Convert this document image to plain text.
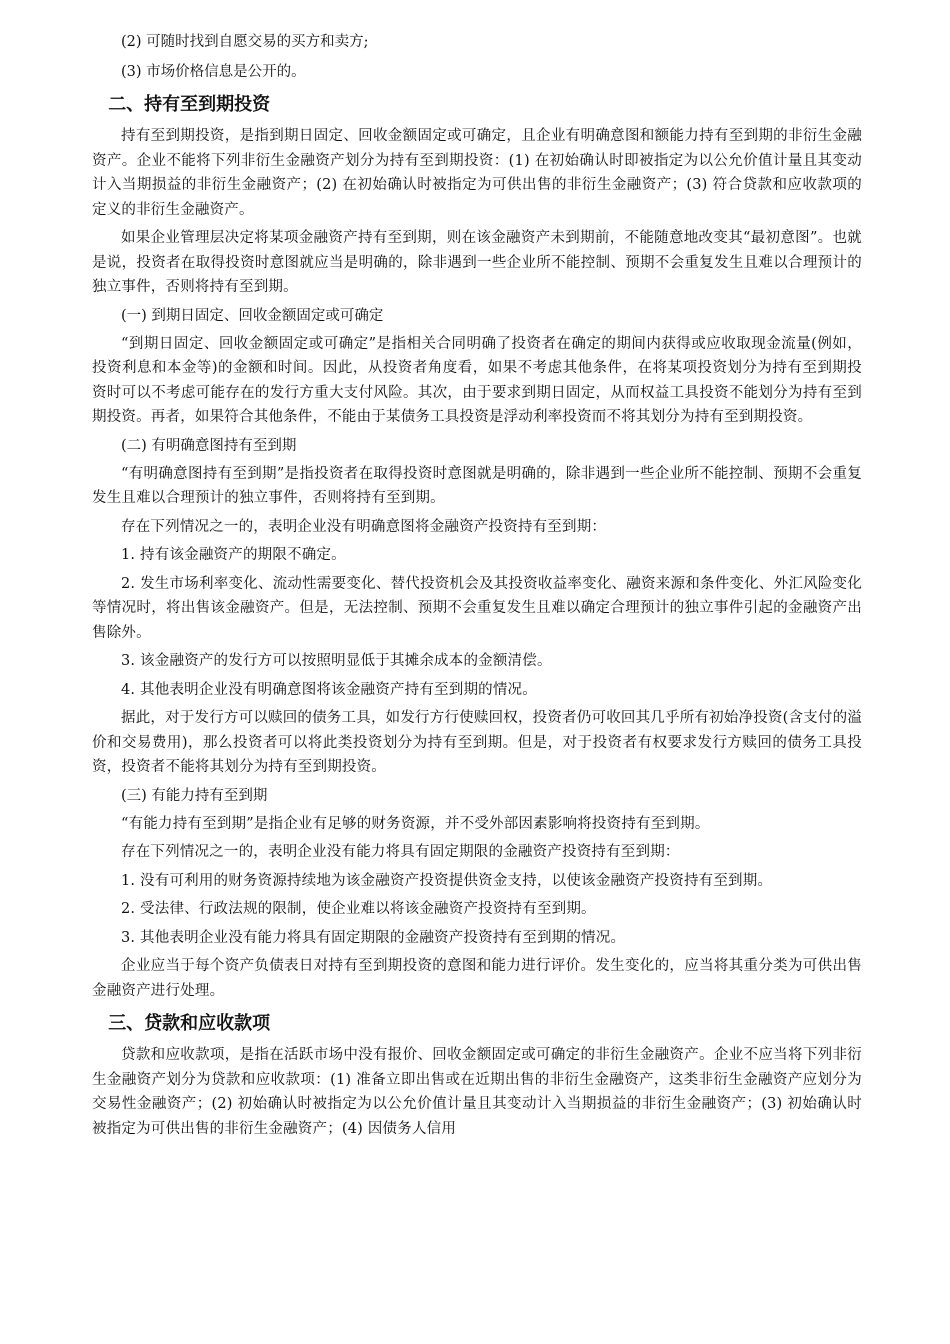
(2) 可随时找到自愿交易的买方和卖方;

(3) 市场价格信息是公开的。

二、持有至到期投资

持有至到期投资，是指到期日固定、回收金额固定或可确定，且企业有明确意图和额能力持有至到期的非衍生金融资产。企业不能将下列非衍生金融资产划分为持有至到期投资：(1) 在初始确认时即被指定为以公允价值计量且其变动计入当期损益的非衍生金融资产；(2) 在初始确认时被指定为可供出售的非衍生金融资产；(3) 符合贷款和应收款项的定义的非衍生金融资产。

如果企业管理层决定将某项金融资产持有至到期，则在该金融资产未到期前，不能随意地改变其“最初意图”。也就是说，投资者在取得投资时意图就应当是明确的，除非遇到一些企业所不能控制、预期不会重复发生且难以合理预计的独立事件，否则将持有至到期。

(一) 到期日固定、回收金额固定或可确定

“到期日固定、回收金额固定或可确定”是指相关合同明确了投资者在确定的期间内获得或应收取现金流量(例如，投资利息和本金等)的金额和时间。因此，从投资者角度看，如果不考虑其他条件，在将某项投资划分为持有至到期投资时可以不考虑可能存在的发行方重大支付风险。其次，由于要求到期日固定，从而权益工具投资不能划分为持有至到期投资。再者，如果符合其他条件，不能由于某债务工具投资是浮动利率投资而不将其划分为持有至到期投资。

(二) 有明确意图持有至到期

“有明确意图持有至到期”是指投资者在取得投资时意图就是明确的，除非遇到一些企业所不能控制、预期不会重复发生且难以合理预计的独立事件，否则将持有至到期。

存在下列情况之一的，表明企业没有明确意图将金融资产投资持有至到期：

1. 持有该金融资产的期限不确定。

2. 发生市场利率变化、流动性需要变化、替代投资机会及其投资收益率变化、融资来源和条件变化、外汇风险变化等情况时，将出售该金融资产。但是，无法控制、预期不会重复发生且难以确定合理预计的独立事件引起的金融资产出售除外。

3. 该金融资产的发行方可以按照明显低于其摊余成本的金额清偿。

4. 其他表明企业没有明确意图将该金融资产持有至到期的情况。

据此，对于发行方可以赎回的债务工具，如发行方行使赎回权，投资者仍可收回其几乎所有初始净投资(含支付的溢价和交易费用)，那么投资者可以将此类投资划分为持有至到期。但是，对于投资者有权要求发行方赎回的债务工具投资，投资者不能将其划分为持有至到期投资。

(三) 有能力持有至到期

“有能力持有至到期”是指企业有足够的财务资源，并不受外部因素影响将投资持有至到期。

存在下列情况之一的，表明企业没有能力将具有固定期限的金融资产投资持有至到期：

1. 没有可利用的财务资源持续地为该金融资产投资提供资金支持，以使该金融资产投资持有至到期。

2. 受法律、行政法规的限制，使企业难以将该金融资产投资持有至到期。

3. 其他表明企业没有能力将具有固定期限的金融资产投资持有至到期的情况。

企业应当于每个资产负债表日对持有至到期投资的意图和能力进行评价。发生变化的，应当将其重分类为可供出售金融资产进行处理。

三、贷款和应收款项

贷款和应收款项，是指在活跃市场中没有报价、回收金额固定或可确定的非衍生金融资产。企业不应当将下列非衍生金融资产划分为贷款和应收款项：(1) 准备立即出售或在近期出售的非衍生金融资产，这类非衍生金融资产应划分为交易性金融资产；(2) 初始确认时被指定为以公允价值计量且其变动计入当期损益的非衍生金融资产；(3) 初始确认时被指定为可供出售的非衍生金融资产；(4) 因债务人信用
